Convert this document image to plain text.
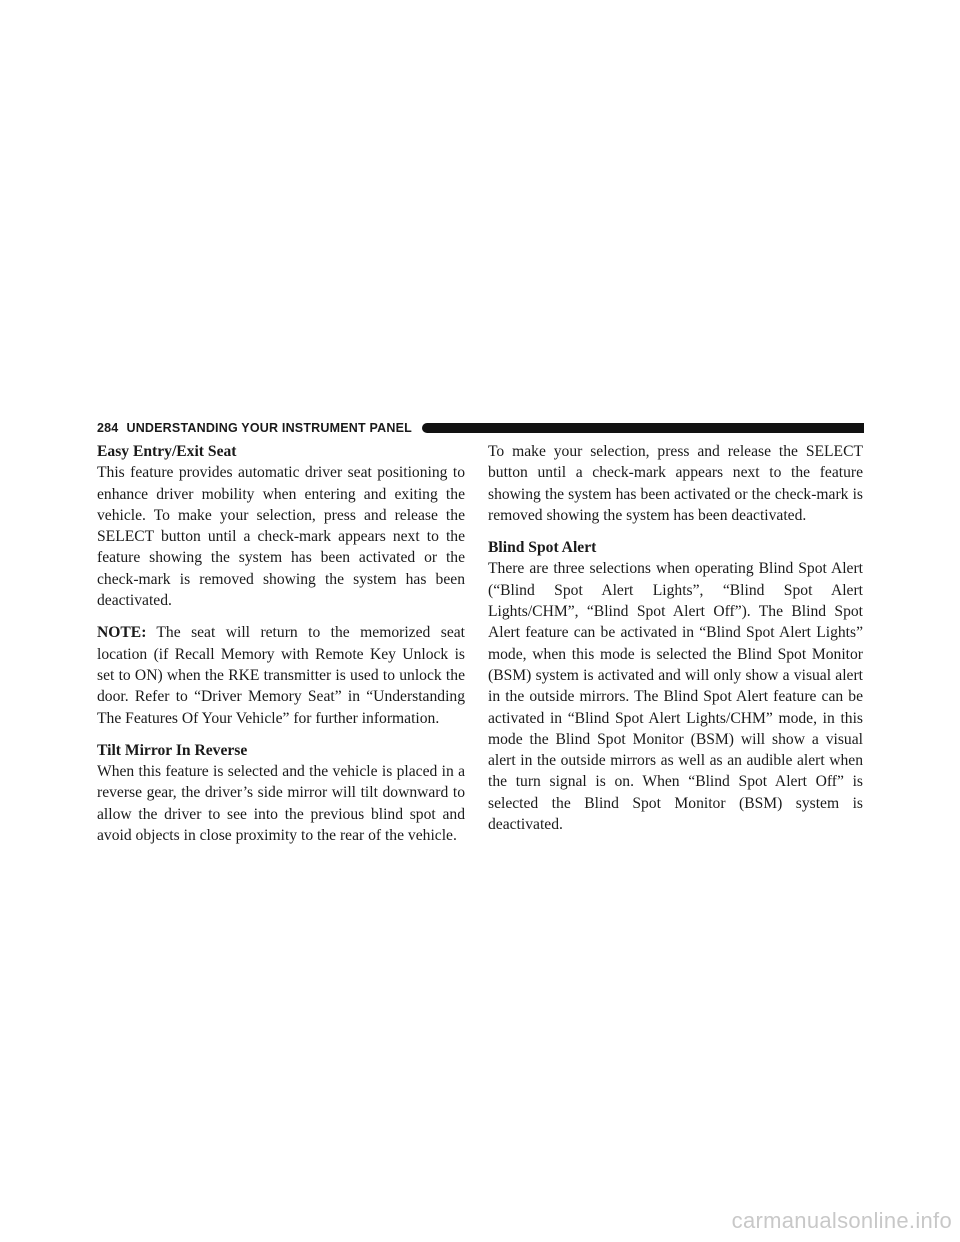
284 UNDERSTANDING YOUR INSTRUMENT PANEL
Easy Entry/Exit Seat

This feature provides automatic driver seat positioning to enhance driver mobility when entering and exiting the vehicle. To make your selection, press and release the SELECT button until a check-mark appears next to the feature showing the system has been activated or the check-mark is removed showing the system has been deactivated.

NOTE: The seat will return to the memorized seat location (if Recall Memory with Remote Key Unlock is set to ON) when the RKE transmitter is used to unlock the door. Refer to “Driver Memory Seat” in “Understanding The Features Of Your Vehicle” for further information.

Tilt Mirror In Reverse

When this feature is selected and the vehicle is placed in a reverse gear, the driver’s side mirror will tilt downward to allow the driver to see into the previous blind spot and avoid objects in close proximity to the rear of the vehicle.

To make your selection, press and release the SELECT button until a check-mark appears next to the feature showing the system has been activated or the check-mark is removed showing the system has been deactivated.

Blind Spot Alert

There are three selections when operating Blind Spot Alert (“Blind Spot Alert Lights”, “Blind Spot Alert Lights/CHM”, “Blind Spot Alert Off”). The Blind Spot Alert feature can be activated in “Blind Spot Alert Lights” mode, when this mode is selected the Blind Spot Monitor (BSM) system is activated and will only show a visual alert in the outside mirrors. The Blind Spot Alert feature can be activated in “Blind Spot Alert Lights/CHM” mode, in this mode the Blind Spot Monitor (BSM) will show a visual alert in the outside mirrors as well as an audible alert when the turn signal is on. When “Blind Spot Alert Off” is selected the Blind Spot Monitor (BSM) system is deactivated.

carmanualsonline.info
